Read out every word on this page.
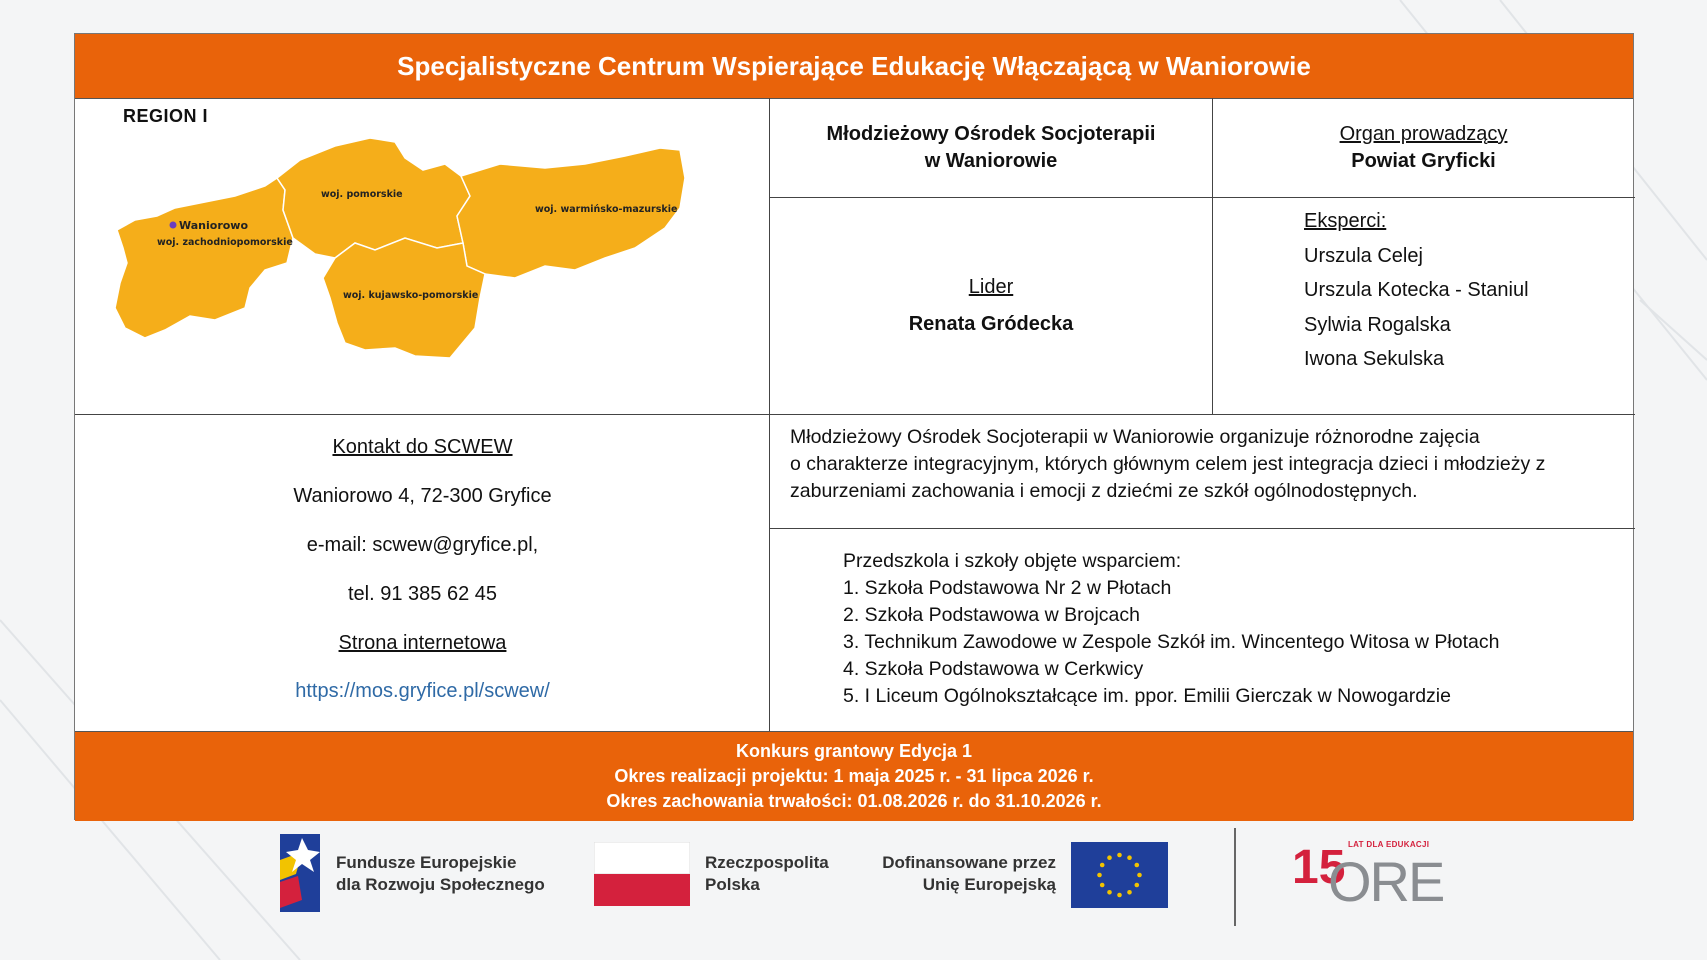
Specjalistyczne Centrum Wspierające Edukację Włączającą w Waniorowie
REGION I
Waniorowo
woj. zachodniopomorskie
woj. pomorskie
woj. warmińsko-mazurskie
woj. kujawsko-pomorskie
Młodzieżowy Ośrodek Socjoterapii
w Waniorowie
Organ prowadzący
Powiat Gryficki
Lider
Renata Gródecka
Eksperci:
Urszula Celej
Urszula Kotecka - Staniul
Sylwia Rogalska
Iwona Sekulska
Kontakt do SCWEW
Waniorowo 4, 72-300 Gryfice
e-mail: scwew@gryfice.pl,
tel. 91 385 62 45
Strona internetowa
https://mos.gryfice.pl/scwew/
Młodzieżowy Ośrodek Socjoterapii w Waniorowie organizuje różnorodne zajęcia
o charakterze integracyjnym, których głównym celem jest integracja dzieci i młodzieży z
zaburzeniami zachowania i emocji z dziećmi ze szkół ogólnodostępnych.
Przedszkola i szkoły objęte wsparciem:
1. Szkoła Podstawowa Nr 2 w Płotach
2. Szkoła Podstawowa w Brojcach
3. Technikum Zawodowe w Zespole Szkół im. Wincentego Witosa w Płotach
4. Szkoła Podstawowa w Cerkwicy
5. I Liceum Ogólnokształcące im. ppor. Emilii Gierczak w Nowogardzie
Konkurs grantowy Edycja 1
Okres realizacji projektu: 1 maja 2025 r. - 31 lipca 2026 r.
Okres zachowania trwałości: 01.08.2026 r. do 31.10.2026 r.
Fundusze Europejskie
dla Rozwoju Społecznego
Rzeczpospolita
Polska
Dofinansowane przez
Unię Europejską
LAT DLA EDUKACJI
15
ORE
